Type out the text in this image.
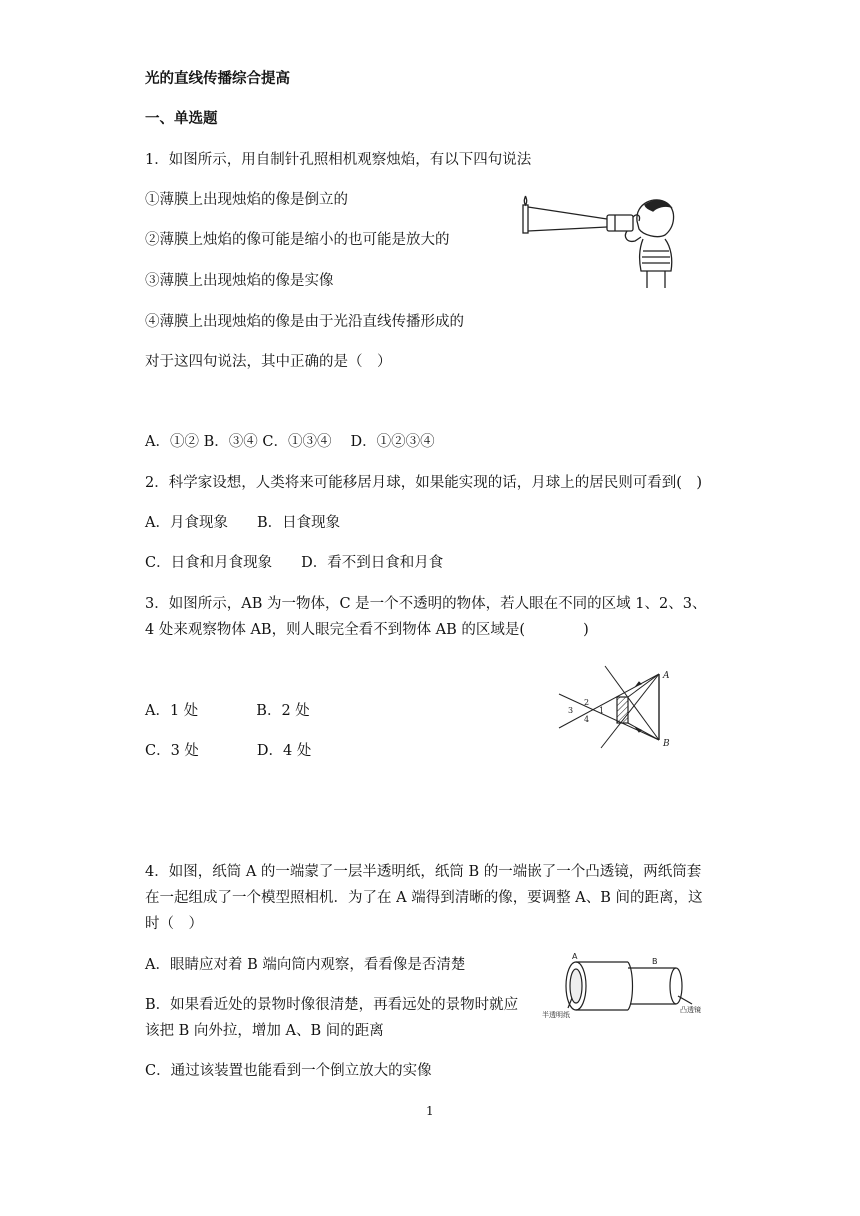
光的直线传播综合提高
一、单选题
1．如图所示，用自制针孔照相机观察烛焰，有以下四句说法
①薄膜上出现烛焰的像是倒立的
②薄膜上烛焰的像可能是缩小的也可能是放大的
③薄膜上出现烛焰的像是实像
④薄膜上出现烛焰的像是由于光沿直线传播形成的
对于这四句说法，其中正确的是（　）
A．①② B．③④ C．①③④　 D．①②③④
2．科学家设想，人类将来可能移居月球，如果能实现的话，月球上的居民则可看到(　)
A．月食现象　　B．日食现象
C．日食和月食现象　　D．看不到日食和月食
3．如图所示，AB 为一物体，C 是一个不透明的物体，若人眼在不同的区域 1、2、3、
4 处来观察物体 AB，则人眼完全看不到物体 AB 的区域是(　　　　)
A．1 处　　　　B．2 处
C．3 处　　　　D．4 处
A
B
1
2
3
4
4．如图，纸筒 A 的一端蒙了一层半透明纸，纸筒 B 的一端嵌了一个凸透镜，两纸筒套
在一起组成了一个模型照相机．为了在 A 端得到清晰的像，要调整 A、B 间的距离，这
时（　）
A．眼睛应对着 B 端向筒内观察，看看像是否清楚
B．如果看近处的景物时像很清楚，再看远处的景物时就应
该把 B 向外拉，增加 A、B 间的距离
C．通过该装置也能看到一个倒立放大的实像
A
B
半透明纸
凸透镜
1
